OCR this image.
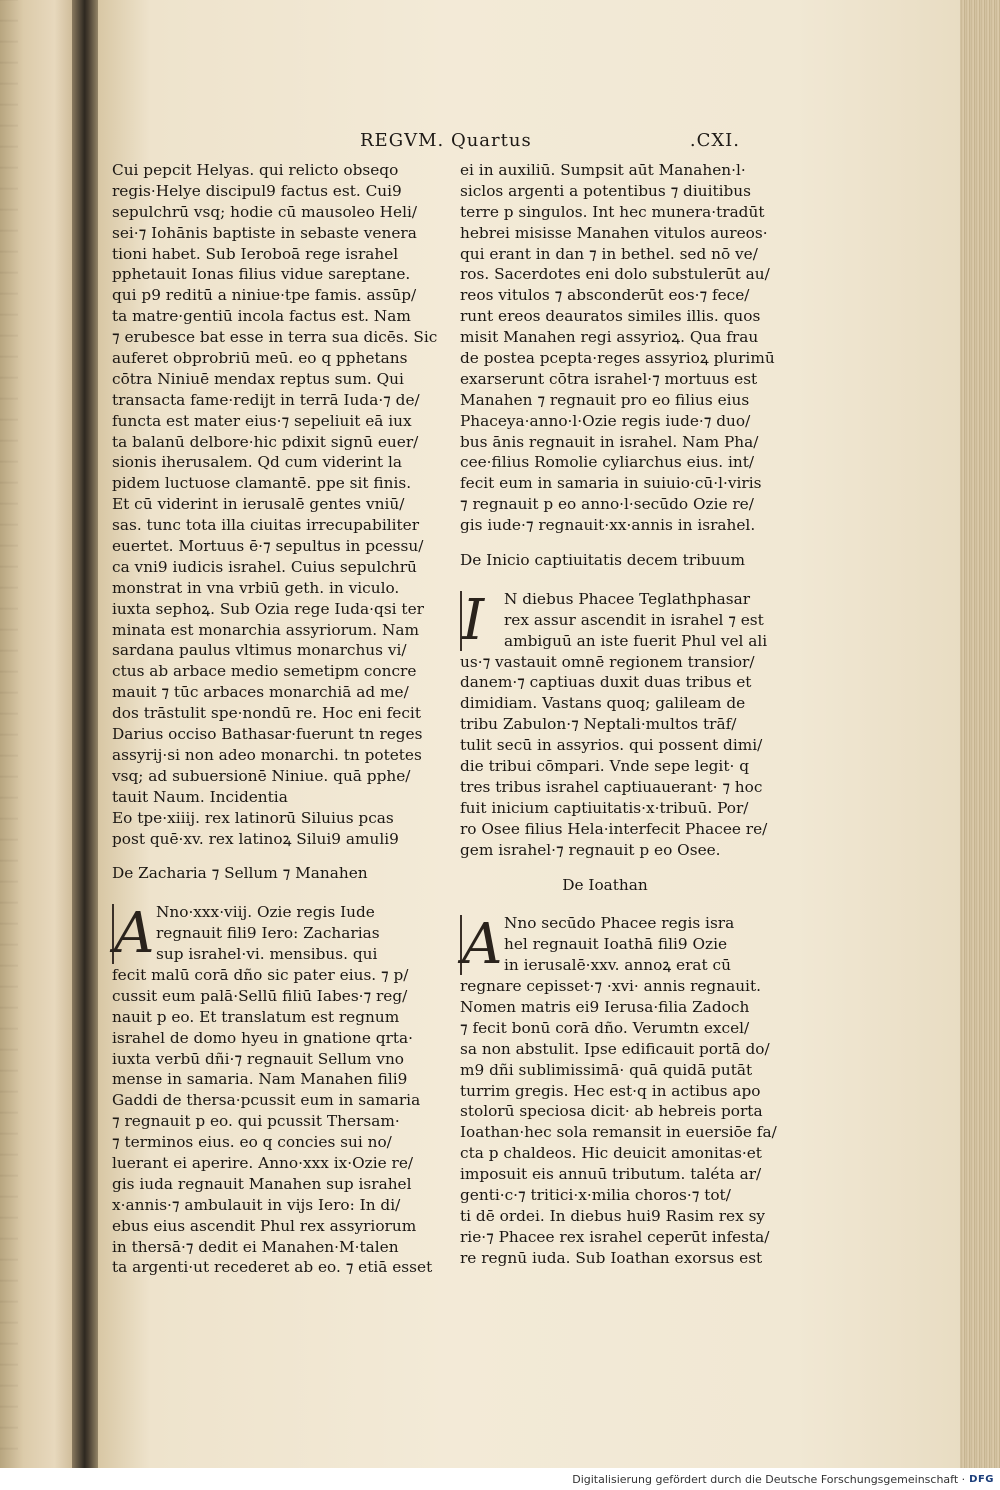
REGVM. Quartus	.CXI.
Cui pepcit Helyas. qui relicto obseqo
regis·Helye discipul9 factus est. Cui9
sepulchrū vsq; hodie cū mausoleo Heli/
sei·⁊ Iohānis baptiste in sebaste venera
tioni habet. Sub Ieroboā rege israhel
pphetauit Ionas filius vidue sareptane.
qui p9 reditū a niniue·tpe famis. assūp/
ta matre·gentiū incola factus est. Nam
⁊ erubesce bat esse in terra sua dicēs. Sic
auferet obprobriū meū. eo q pphetans
cōtra Niniuē mendax reptus sum. Qui
transacta fame·redijt in terrā Iuda·⁊ de/
functa est mater eius·⁊ sepeliuit eā iux
ta balanū delbore·hic pdixit signū euer/
sionis iherusalem. Qd cum viderint la
pidem luctuose clamantē. ppe sit finis.
Et cū viderint in ierusalē gentes vniū/
sas. tunc tota illa ciuitas irrecupabiliter
euertet. Mortuus ē·⁊ sepultus in pcessu/
ca vni9 iudicis israhel. Cuius sepulchrū
monstrat in vna vrbiū geth. in viculo.
iuxta sephoꝝ. Sub Ozia rege Iuda·qsi ter
minata est monarchia assyriorum. Nam
sardana paulus vltimus monarchus vi/
ctus ab arbace medio semetipm concre
mauit ⁊ tūc arbaces monarchiā ad me/
dos trāstulit spe·nondū re. Hoc eni fecit
Darius occiso Bathasar·fuerunt tn reges
assyrij·si non adeo monarchi. tn potetes
vsq; ad subuersionē Niniue. quā pphe/
tauit Naum. Incidentia
Eo tpe·xiiij. rex latinorū Siluius pcas
post quē·xv. rex latinoꝝ Silui9 amuli9
De Zacharia ⁊ Sellum ⁊ Manahen
A Nno·xxx·viij. Ozie regis Iude
regnauit fili9 Iero: Zacharias
sup israhel·vi. mensibus. qui
fecit malū corā dño sic pater eius. ⁊ p/
cussit eum palā·Sellū filiū Iabes·⁊ reg/
nauit p eo. Et translatum est regnum
israhel de domo hyeu in gnatione qrta·
iuxta verbū dñi·⁊ regnauit Sellum vno
mense in samaria. Nam Manahen fili9
Gaddi de thersa·pcussit eum in samaria
⁊ regnauit p eo. qui pcussit Thersam·
⁊ terminos eius. eo q concies sui no/
luerant ei aperire. Anno·xxx ix·Ozie re/
gis iuda regnauit Manahen sup israhel
x·annis·⁊ ambulauit in vijs Iero: In di/
ebus eius ascendit Phul rex assyriorum
in thersā·⁊ dedit ei Manahen·M·talen
ta argenti·ut recederet ab eo. ⁊ etiā esset
ei in auxiliū. Sumpsit aūt Manahen·l·
siclos argenti a potentibus ⁊ diuitibus
terre p singulos. Int hec munera·tradūt
hebrei misisse Manahen vitulos aureos·
qui erant in dan ⁊ in bethel. sed nō ve/
ros. Sacerdotes eni dolo substulerūt au/
reos vitulos ⁊ absconderūt eos·⁊ fece/
runt ereos deauratos similes illis. quos
misit Manahen regi assyrioꝝ. Qua frau
de postea pcepta·reges assyrioꝝ plurimū
exarserunt cōtra israhel·⁊ mortuus est
Manahen ⁊ regnauit pro eo filius eius
Phaceya·anno·l·Ozie regis iude·⁊ duo/
bus ānis regnauit in israhel. Nam Pha/
cee·filius Romolie cyliarchus eius. int/
fecit eum in samaria in suiuio·cū·l·viris
⁊ regnauit p eo anno·l·secūdo Ozie re/
gis iude·⁊ regnauit·xx·annis in israhel.
De Inicio captiuitatis decem tribuum
I	N diebus Phacee Teglathphasar
rex assur ascendit in israhel ⁊ est
ambiguū an iste fuerit Phul vel ali
us·⁊ vastauit omnē regionem transior/
danem·⁊ captiuas duxit duas tribus et
dimidiam. Vastans quoq; galileam de
tribu Zabulon·⁊ Neptali·multos trāf/
tulit secū in assyrios. qui possent dimi/
die tribui cōmpari. Vnde sepe legit· q
tres tribus israhel captiuauerant· ⁊ hoc
fuit inicium captiuitatis·x·tribuū. Por/
ro Osee filius Hela·interfecit Phacee re/
gem israhel·⁊ regnauit p eo Osee.
De Ioathan
A Nno secūdo Phacee regis isra
hel regnauit Ioathā fili9 Ozie
in ierusalē·xxv. annoꝝ erat cū
regnare cepisset·⁊ ·xvi· annis regnauit.
Nomen matris ei9 Ierusa·filia Zadoch
⁊ fecit bonū corā dño. Verumtn excel/
sa non abstulit. Ipse edificauit portā do/
m9 dñi sublimissimā· quā quidā putāt
turrim gregis. Hec est·q in actibus apo
stolorū speciosa dicit· ab hebreis porta
Ioathan·hec sola remansit in euersiōe fa/
cta p chaldeos. Hic deuicit amonitas·et
imposuit eis annuū tributum. taléta ar/
genti·c·⁊ tritici·x·milia choros·⁊ tot/
ti dē ordei. In diebus hui9 Rasim rex sy
rie·⁊ Phacee rex israhel ceperūt infesta/
re regnū iuda. Sub Ioathan exorsus est
Digitalisierung gefördert durch die Deutsche Forschungsgemeinschaft · DFG
